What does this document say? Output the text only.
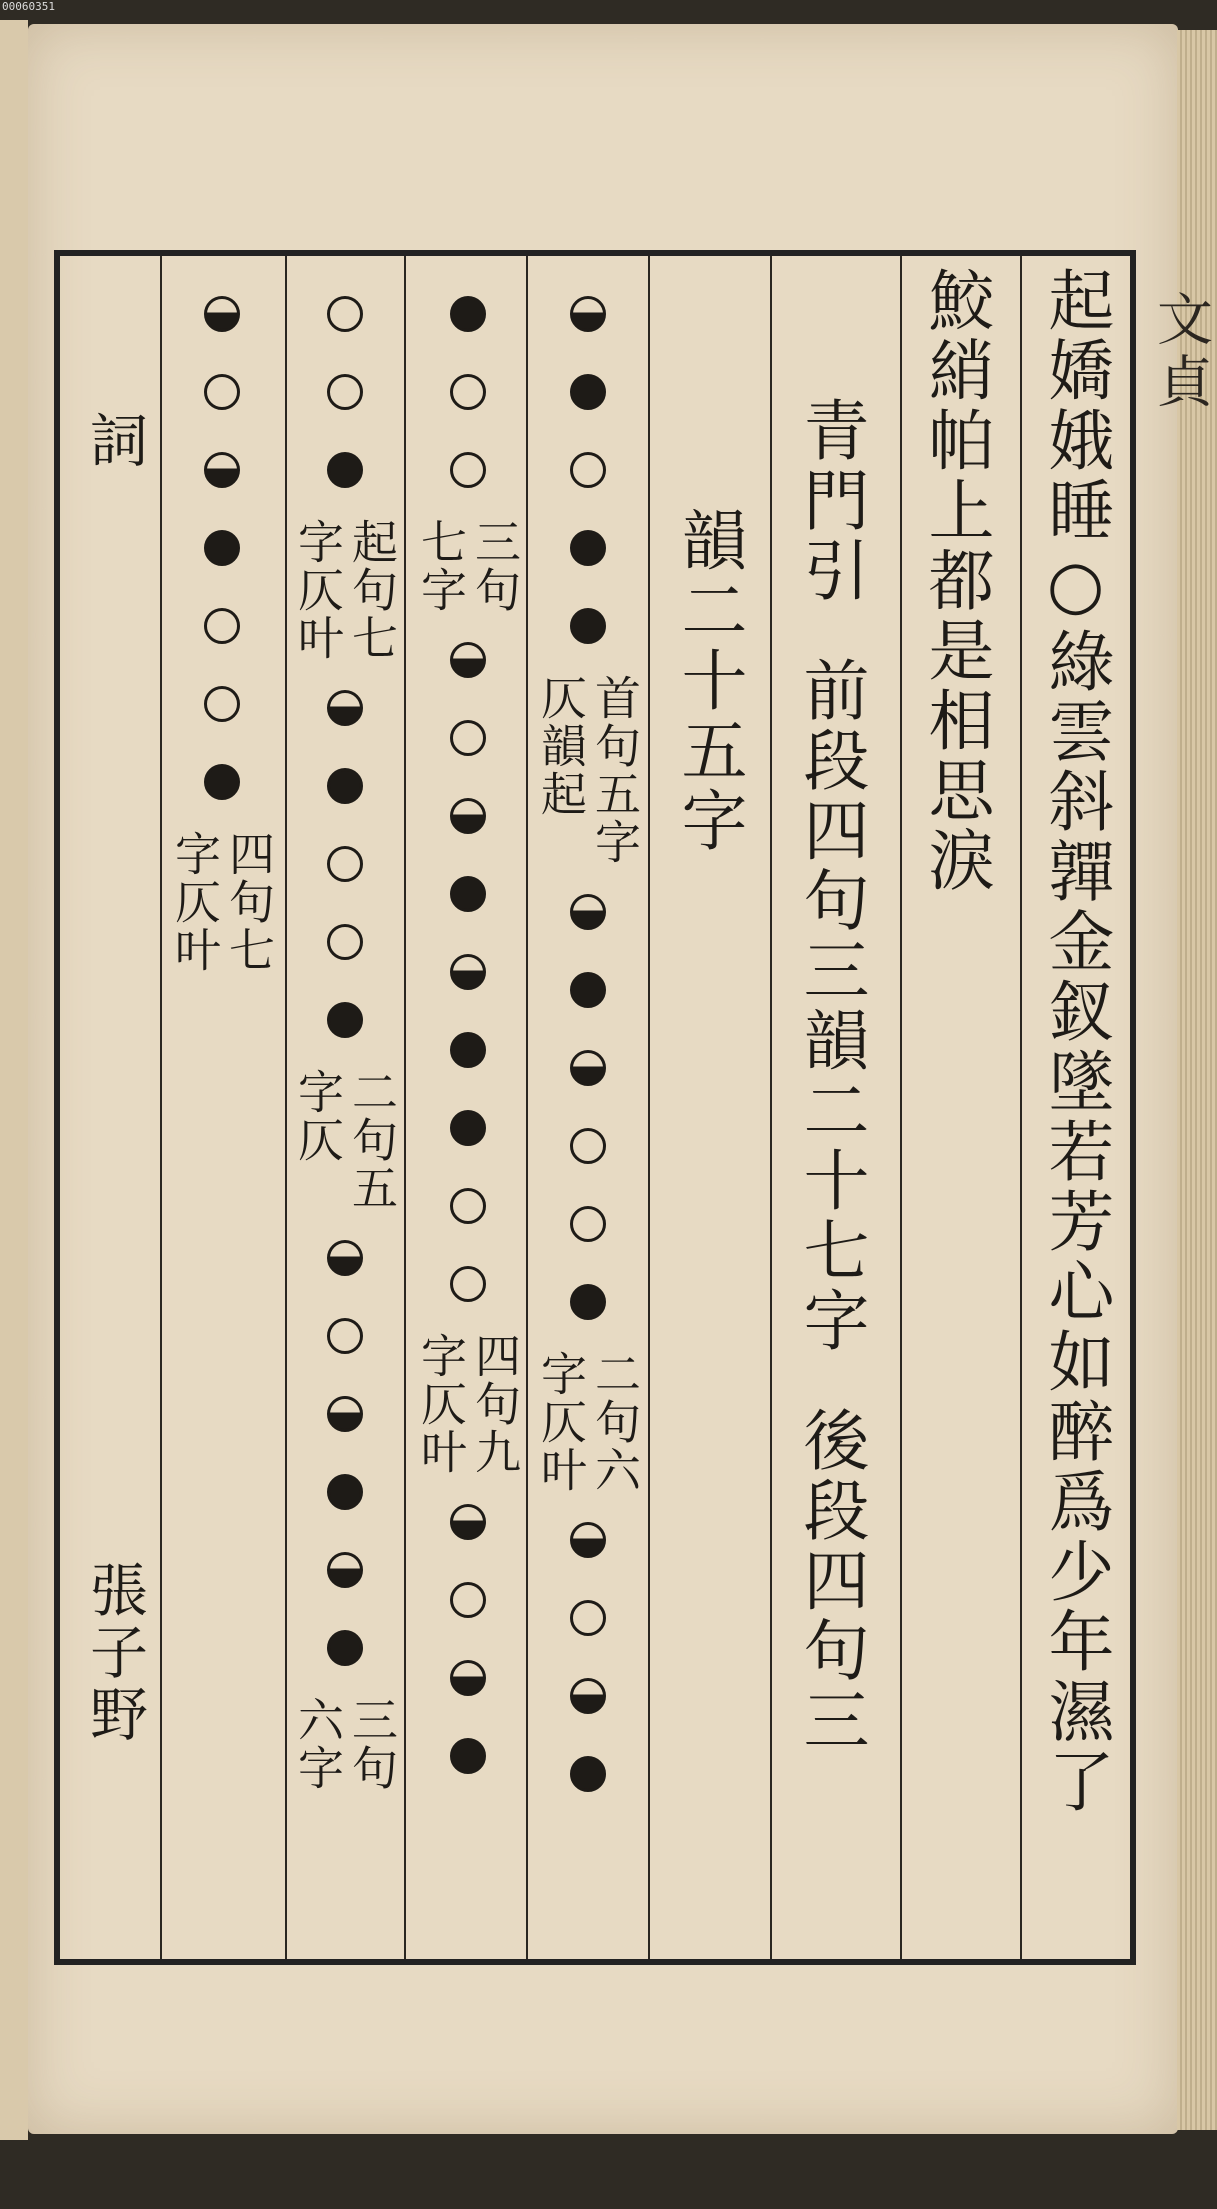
00060351
文貞
起嬌娥睡○綠雲斜嚲金釵墜若芳心如醉爲少年濕了
鮫綃帕上都是相思淚
青門引
前段四句三韻二十七字
後段四句三
韻二十五字
首句五字
仄韻起
二句六
字仄叶
三句
七字
四句九
字仄叶
起句七
字仄叶
二句五
字仄
三句
六字
四句七
字仄叶
詞
張子野
